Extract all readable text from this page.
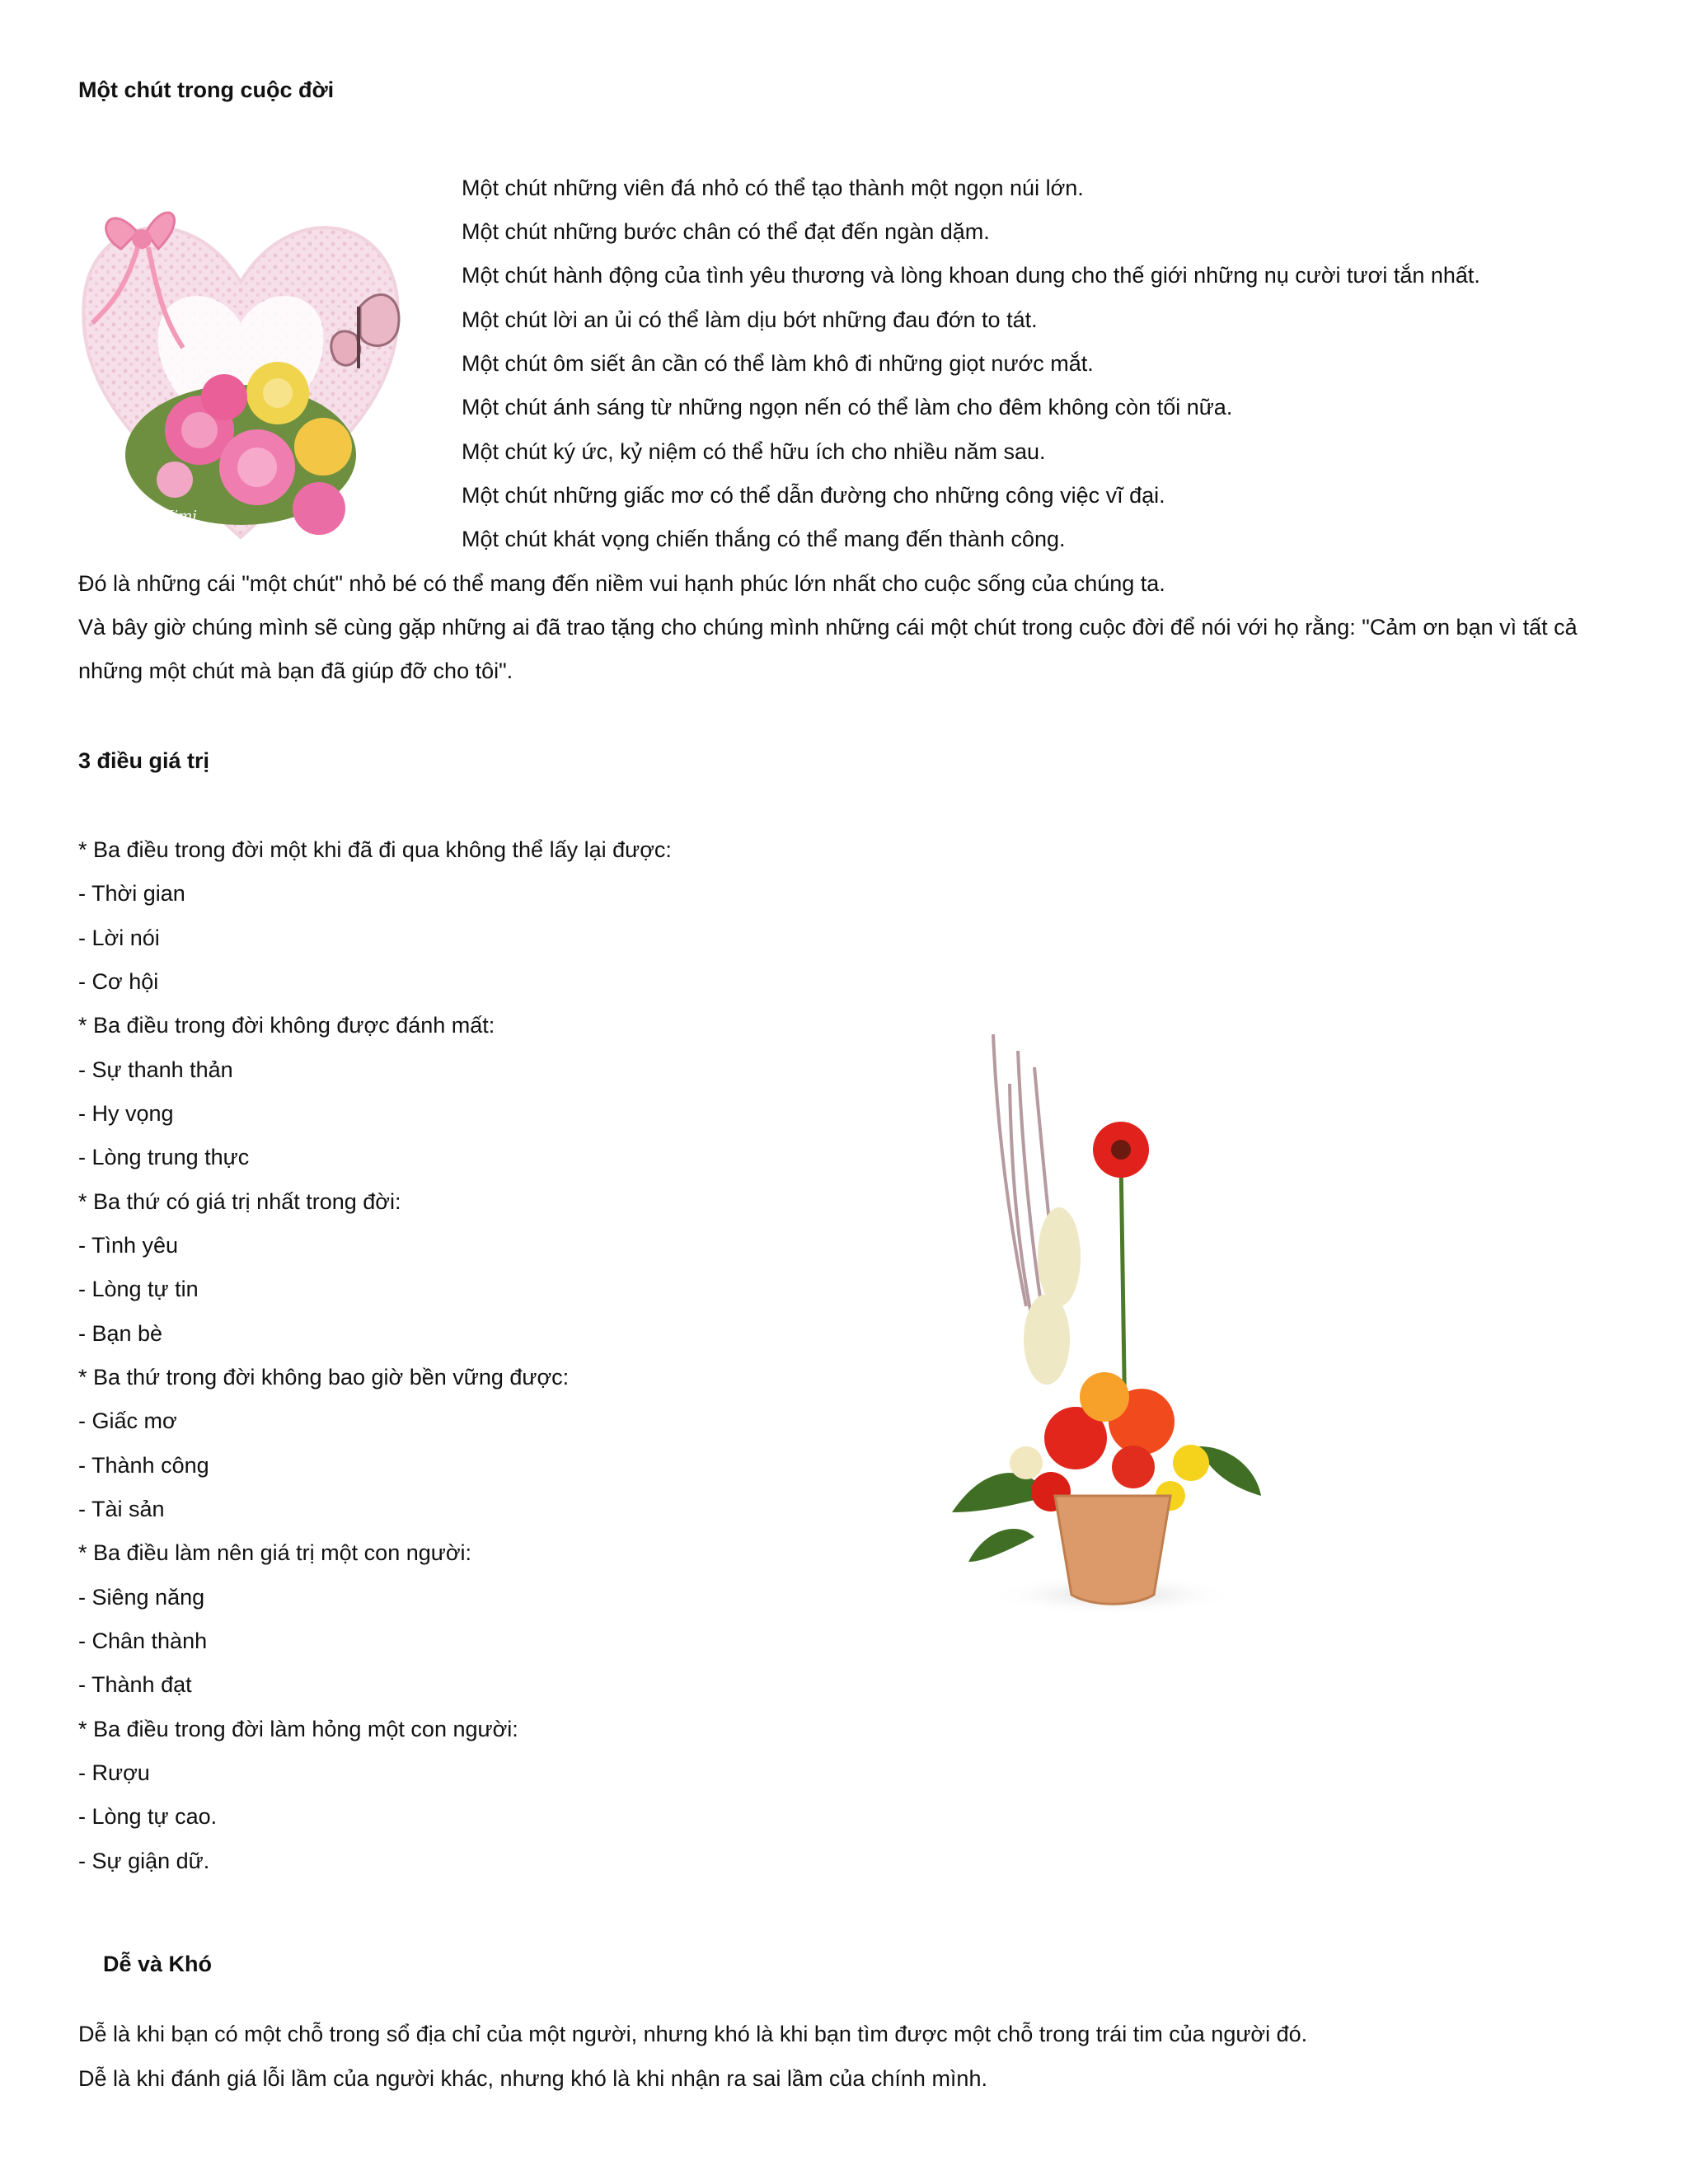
Một chút trong cuộc đời
Mimi

Một chút những viên đá nhỏ có thể tạo thành một ngọn núi lớn.

Một chút những bước chân có thể đạt đến ngàn dặm.

Một chút hành động của tình yêu thương và lòng khoan dung cho thế giới những nụ cười tươi tắn nhất.

Một chút lời an ủi có thể làm dịu bớt những đau đớn to tát.

Một chút ôm siết ân cần có thể làm khô đi những giọt nước mắt.

Một chút ánh sáng từ những ngọn nến có thể làm cho đêm không còn tối nữa.

Một chút ký ức, kỷ niệm có thể hữu ích cho nhiều năm sau.

Một chút những giấc mơ có thể dẫn đường cho những công việc vĩ đại.

Một chút khát vọng chiến thắng có thể mang đến thành công.

Đó là những cái "một chút" nhỏ bé có thể mang đến niềm vui hạnh phúc lớn nhất cho cuộc sống của chúng ta.

Và bây giờ chúng mình sẽ cùng gặp những ai đã trao tặng cho chúng mình những cái một chút trong cuộc đời để nói với họ rằng: "Cảm ơn bạn vì tất cả

những một chút mà bạn đã giúp đỡ cho tôi".

3 điều giá trị

* Ba điều trong đời một khi đã đi qua không thể lấy lại được:

- Thời gian

- Lời nói

- Cơ hội

* Ba điều trong đời không được đánh mất:

- Sự thanh thản

- Hy vọng

- Lòng trung thực

* Ba thứ có giá trị nhất trong đời:

- Tình yêu

- Lòng tự tin

- Bạn bè

* Ba thứ trong đời không bao giờ bền vững được:

- Giấc mơ

- Thành công

- Tài sản

* Ba điều làm nên giá trị một con người:

- Siêng năng

- Chân thành

- Thành đạt

* Ba điều trong đời làm hỏng một con người:

- Rượu

- Lòng tự cao.

- Sự giận dữ.

Dễ và Khó

Dễ là khi bạn có một chỗ trong sổ địa chỉ của một người, nhưng khó là khi bạn tìm được một chỗ trong trái tim của người đó.

Dễ là khi đánh giá lỗi lầm của người khác, nhưng khó là khi nhận ra sai lầm của chính mình.
